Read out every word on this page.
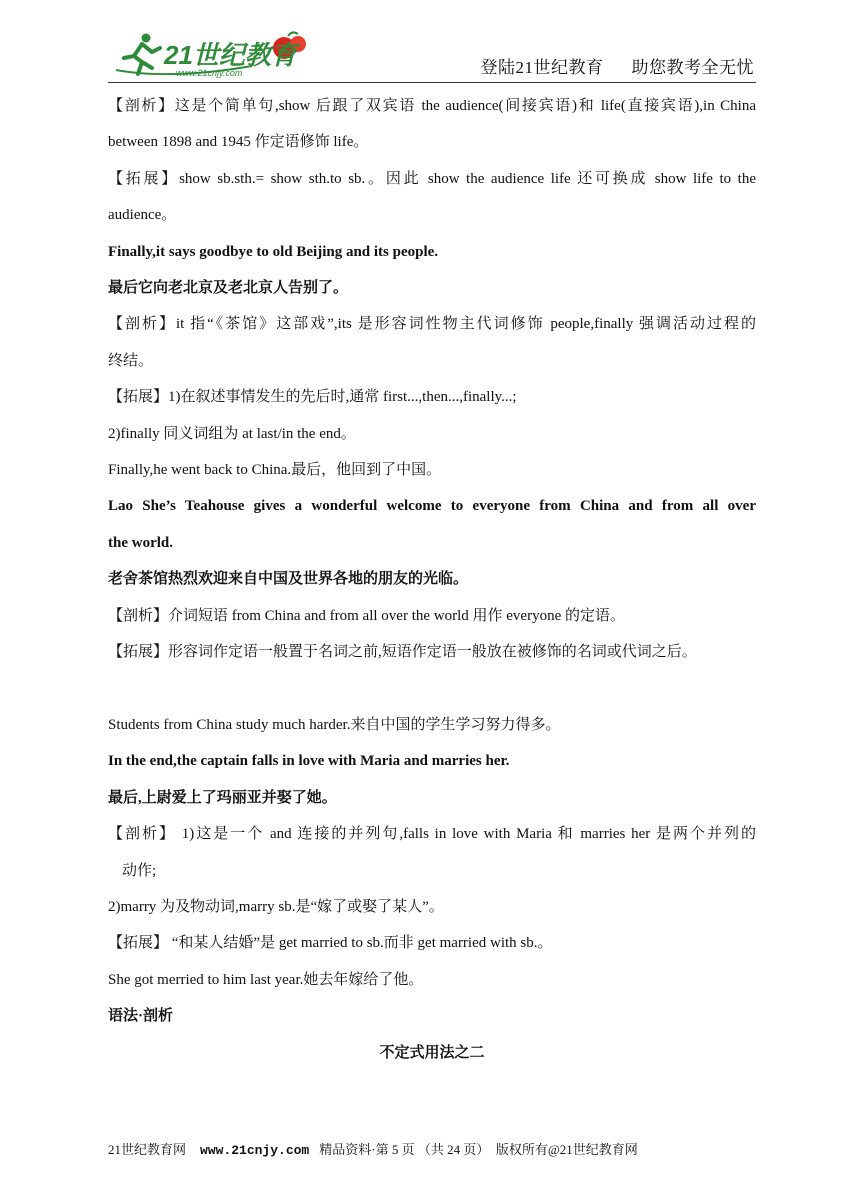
21世纪教育
www.21cnjy.com	登陆21世纪教育 助您教考全无忧
【剖析】这是个简单句,show 后跟了双宾语 the audience(间接宾语)和 life(直接宾语),in China
between 1898 and 1945 作定语修饰 life。
【拓展】show sb.sth.= show sth.to sb.。因此 show the audience life 还可换成 show life to the
audience。
Finally,it says goodbye to old Beijing and its people.
最后它向老北京及老北京人告别了。
【剖析】it 指“《茶馆》这部戏”,its 是形容词性物主代词修饰 people,finally 强调活动过程的
终结。
【拓展】1)在叙述事情发生的先后时,通常 first...,then...,finally...;
2)finally 同义词组为 at last/in the end。
Finally,he went back to China.最后，他回到了中国。
Lao She’s Teahouse gives a wonderful welcome to everyone from China and from all over
the world.
老舍茶馆热烈欢迎来自中国及世界各地的朋友的光临。
【剖析】介词短语 from China and from all over the world 用作 everyone 的定语。
【拓展】形容词作定语一般置于名词之前,短语作定语一般放在被修饰的名词或代词之后。
Students from China study much harder.来自中国的学生学习努力得多。
In the end,the captain falls in love with Maria and marries her.
最后,上尉爱上了玛丽亚并娶了她。
【剖析】 1)这是一个 and 连接的并列句,falls in love with Maria 和 marries her 是两个并列的
动作;
2)marry 为及物动词,marry sb.是“嫁了或娶了某人”。
【拓展】 “和某人结婚”是 get married to sb.而非 get married with sb.。
She got merried to him last year.她去年嫁给了他。
语法·剖析
不定式用法之二
21世纪教育网 www.21cnjy.com 精品资料·第 5 页 （共 24 页） 版权所有@21世纪教育网
